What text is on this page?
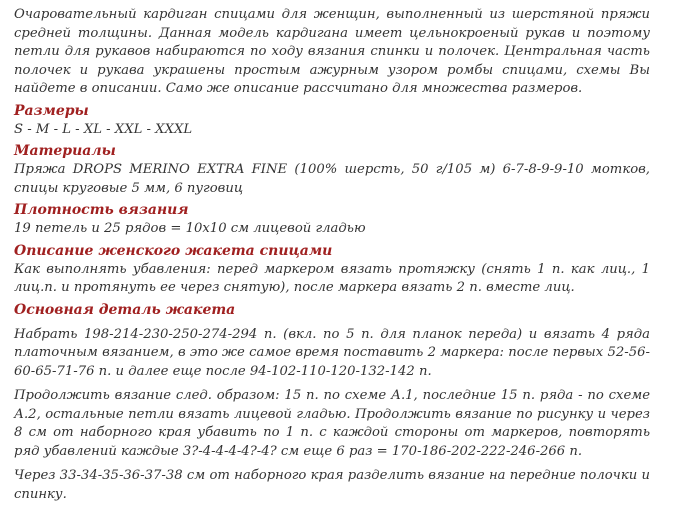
Очаровательный кардиган спицами для женщин, выполненный из шерстяной пряжи средней толщины. Данная модель кардигана имеет цельнокроеный рукав и поэтому петли для рукавов набираются по ходу вязания спинки и полочек. Центральная часть полочек и рукава украшены простым ажурным узором ромбы спицами, схемы Вы найдете в описании. Само же описание рассчитано для множества размеров.

Размеры

S - M - L - XL - XXL - XXXL

Материалы

Пряжа DROPS MERINO EXTRA FINE (100% шерсть, 50 г/105 м) 6-7-8-9-9-10 мотков, спицы круговые 5 мм, 6 пуговиц

Плотность вязания

19 петель и 25 рядов = 10х10 см лицевой гладью

Описание женского жакета спицами

Как выполнять убавления: перед маркером вязать протяжку (снять 1 п. как лиц., 1 лиц.п. и протянуть ее через снятую), после маркера вязать 2 п. вместе лиц.

Основная деталь жакета

Набрать 198-214-230-250-274-294 п. (вкл. по 5 п. для планок переда) и вязать 4 ряда платочным вязанием, в это же самое время поставить 2 маркера: после первых 52-56-60-65-71-76 п. и далее еще после 94-102-110-120-132-142 п.

Продолжить вязание след. образом: 15 п. по схеме А.1, последние 15 п. ряда - по схеме А.2, остальные петли вязать лицевой гладью. Продолжить вязание по рисунку и через 8 см от наборного края убавить по 1 п. с каждой стороны от маркеров, повторять ряд убавлений каждые 3?-4-4-4-4?-4? см еще 6 раз = 170-186-202-222-246-266 п.

Через 33-34-35-36-37-38 см от наборного края разделить вязание на передние полочки и спинку.
